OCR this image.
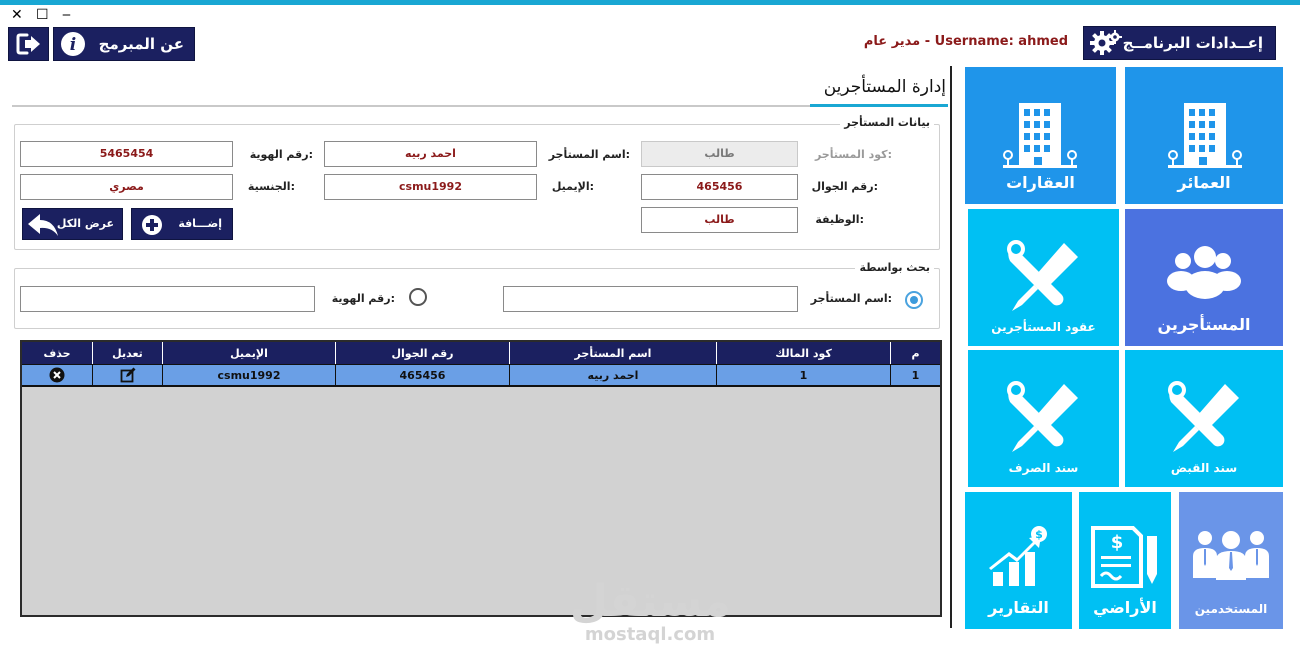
✕ ☐ ‒
i عن المبرمج	مدير عام - Username: ahmed	إعــدادات البرنامــج
إدارة المستأجرين
بيانات المستأجر
كود المستأجر:
طالب
اسم المستأجر:
احمد ربيه
رقم الهوية:
5465454
رقم الجوال:
465456
الإيميل:
csmu1992
الجنسية:
مصري
الوظيفة:
طالب
إضـــافة
عرض الكل
بحث بواسطة
اسم المستأجر:
رقم الهوية:
م
كود المالك
اسم المستأجر
رقم الجوال
الإيميل
تعديل
حذف
1
1
احمد ربيه
465456
csmu1992
مستقل
mostaql.com
العمائر
العقارات
المستأجرين
عقود المستأجرين
سند القبض
سند الصرف
المستخدمين
$
الأراضي
$
التقارير
